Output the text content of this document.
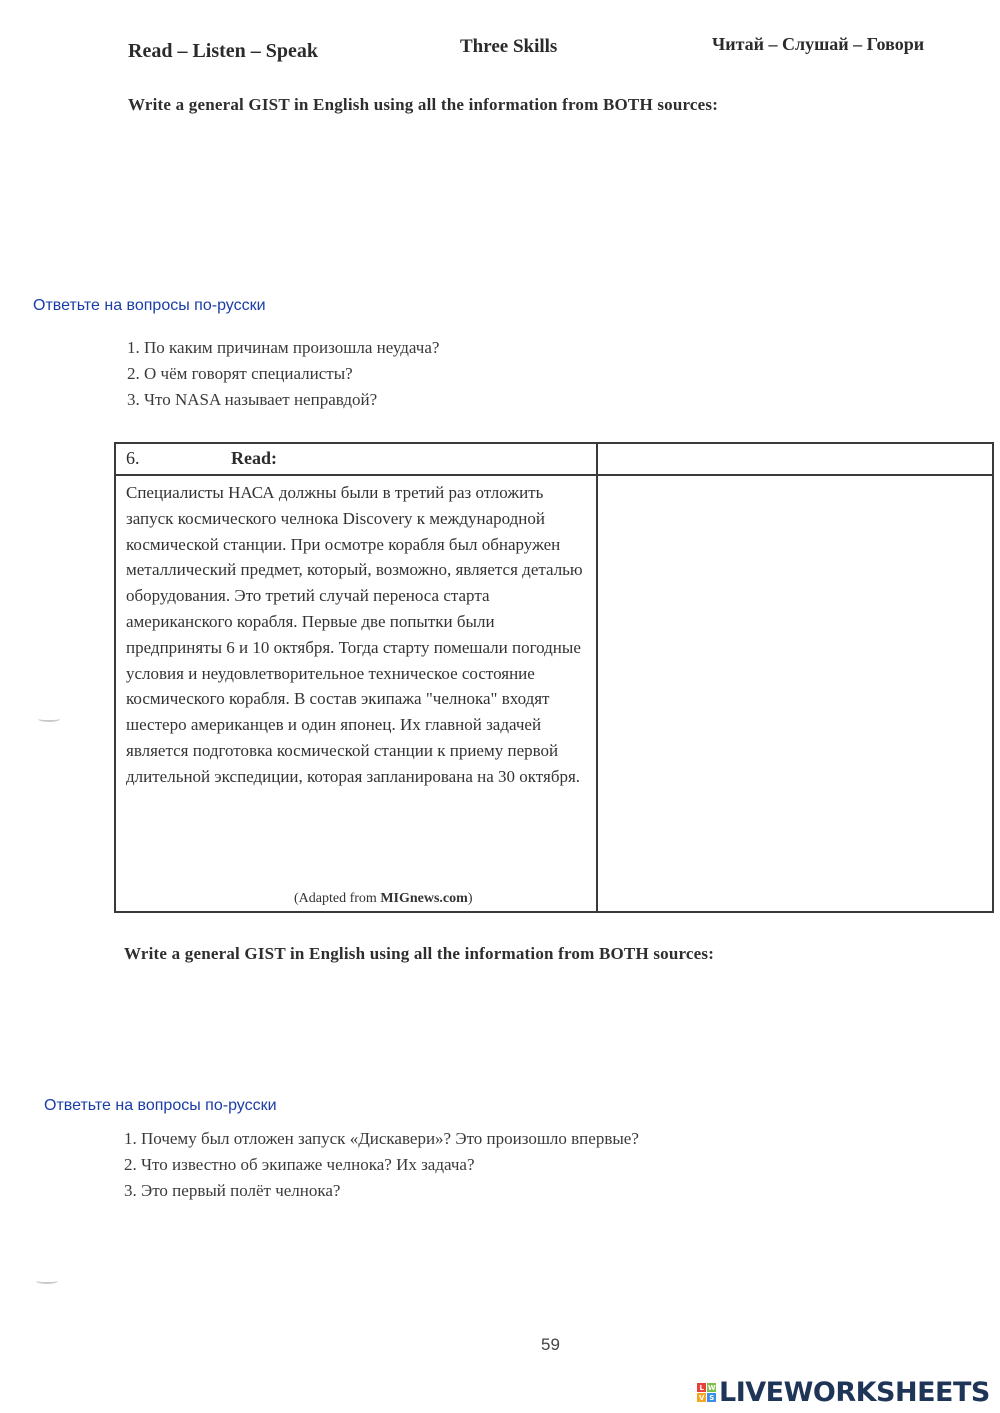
Read – Listen – Speak	Three Skills	Читай – Слушай – Говори
Write a general GIST in English using all the information from BOTH sources:
Ответьте на вопросы по-русски
1. По каким причинам произошла неудача?
2. О чём говорят специалисты?
3. Что NASA называет неправдой?
6.	Read:

Специалисты НАСА должны были в третий раз отложить запуск космического челнока Discovery к международной космической станции. При осмотре корабля был обнаружен металлический предмет, который, возможно, является деталью оборудования. Это третий случай переноса старта американского корабля. Первые две попытки были предприняты 6 и 10 октября. Тогда старту помешали погодные условия и неудовлетворительное техническое состояние космического корабля. В состав экипажа "челнока" входят шестеро американцев и один японец. Их главной задачей является подготовка космической станции к приему первой длительной экспедиции, которая запланирована на 30 октября.

(Adapted from MIGnews.com)
Write a general GIST in English using all the information from BOTH sources:
Ответьте на вопросы по-русски
1. Почему был отложен запуск «Дискавери»? Это произошло впервые?
2. Что известно об экипаже челнока? Их задача?
3. Это первый полёт челнока?
59
L W
V S LIVEWORKSHEETS
